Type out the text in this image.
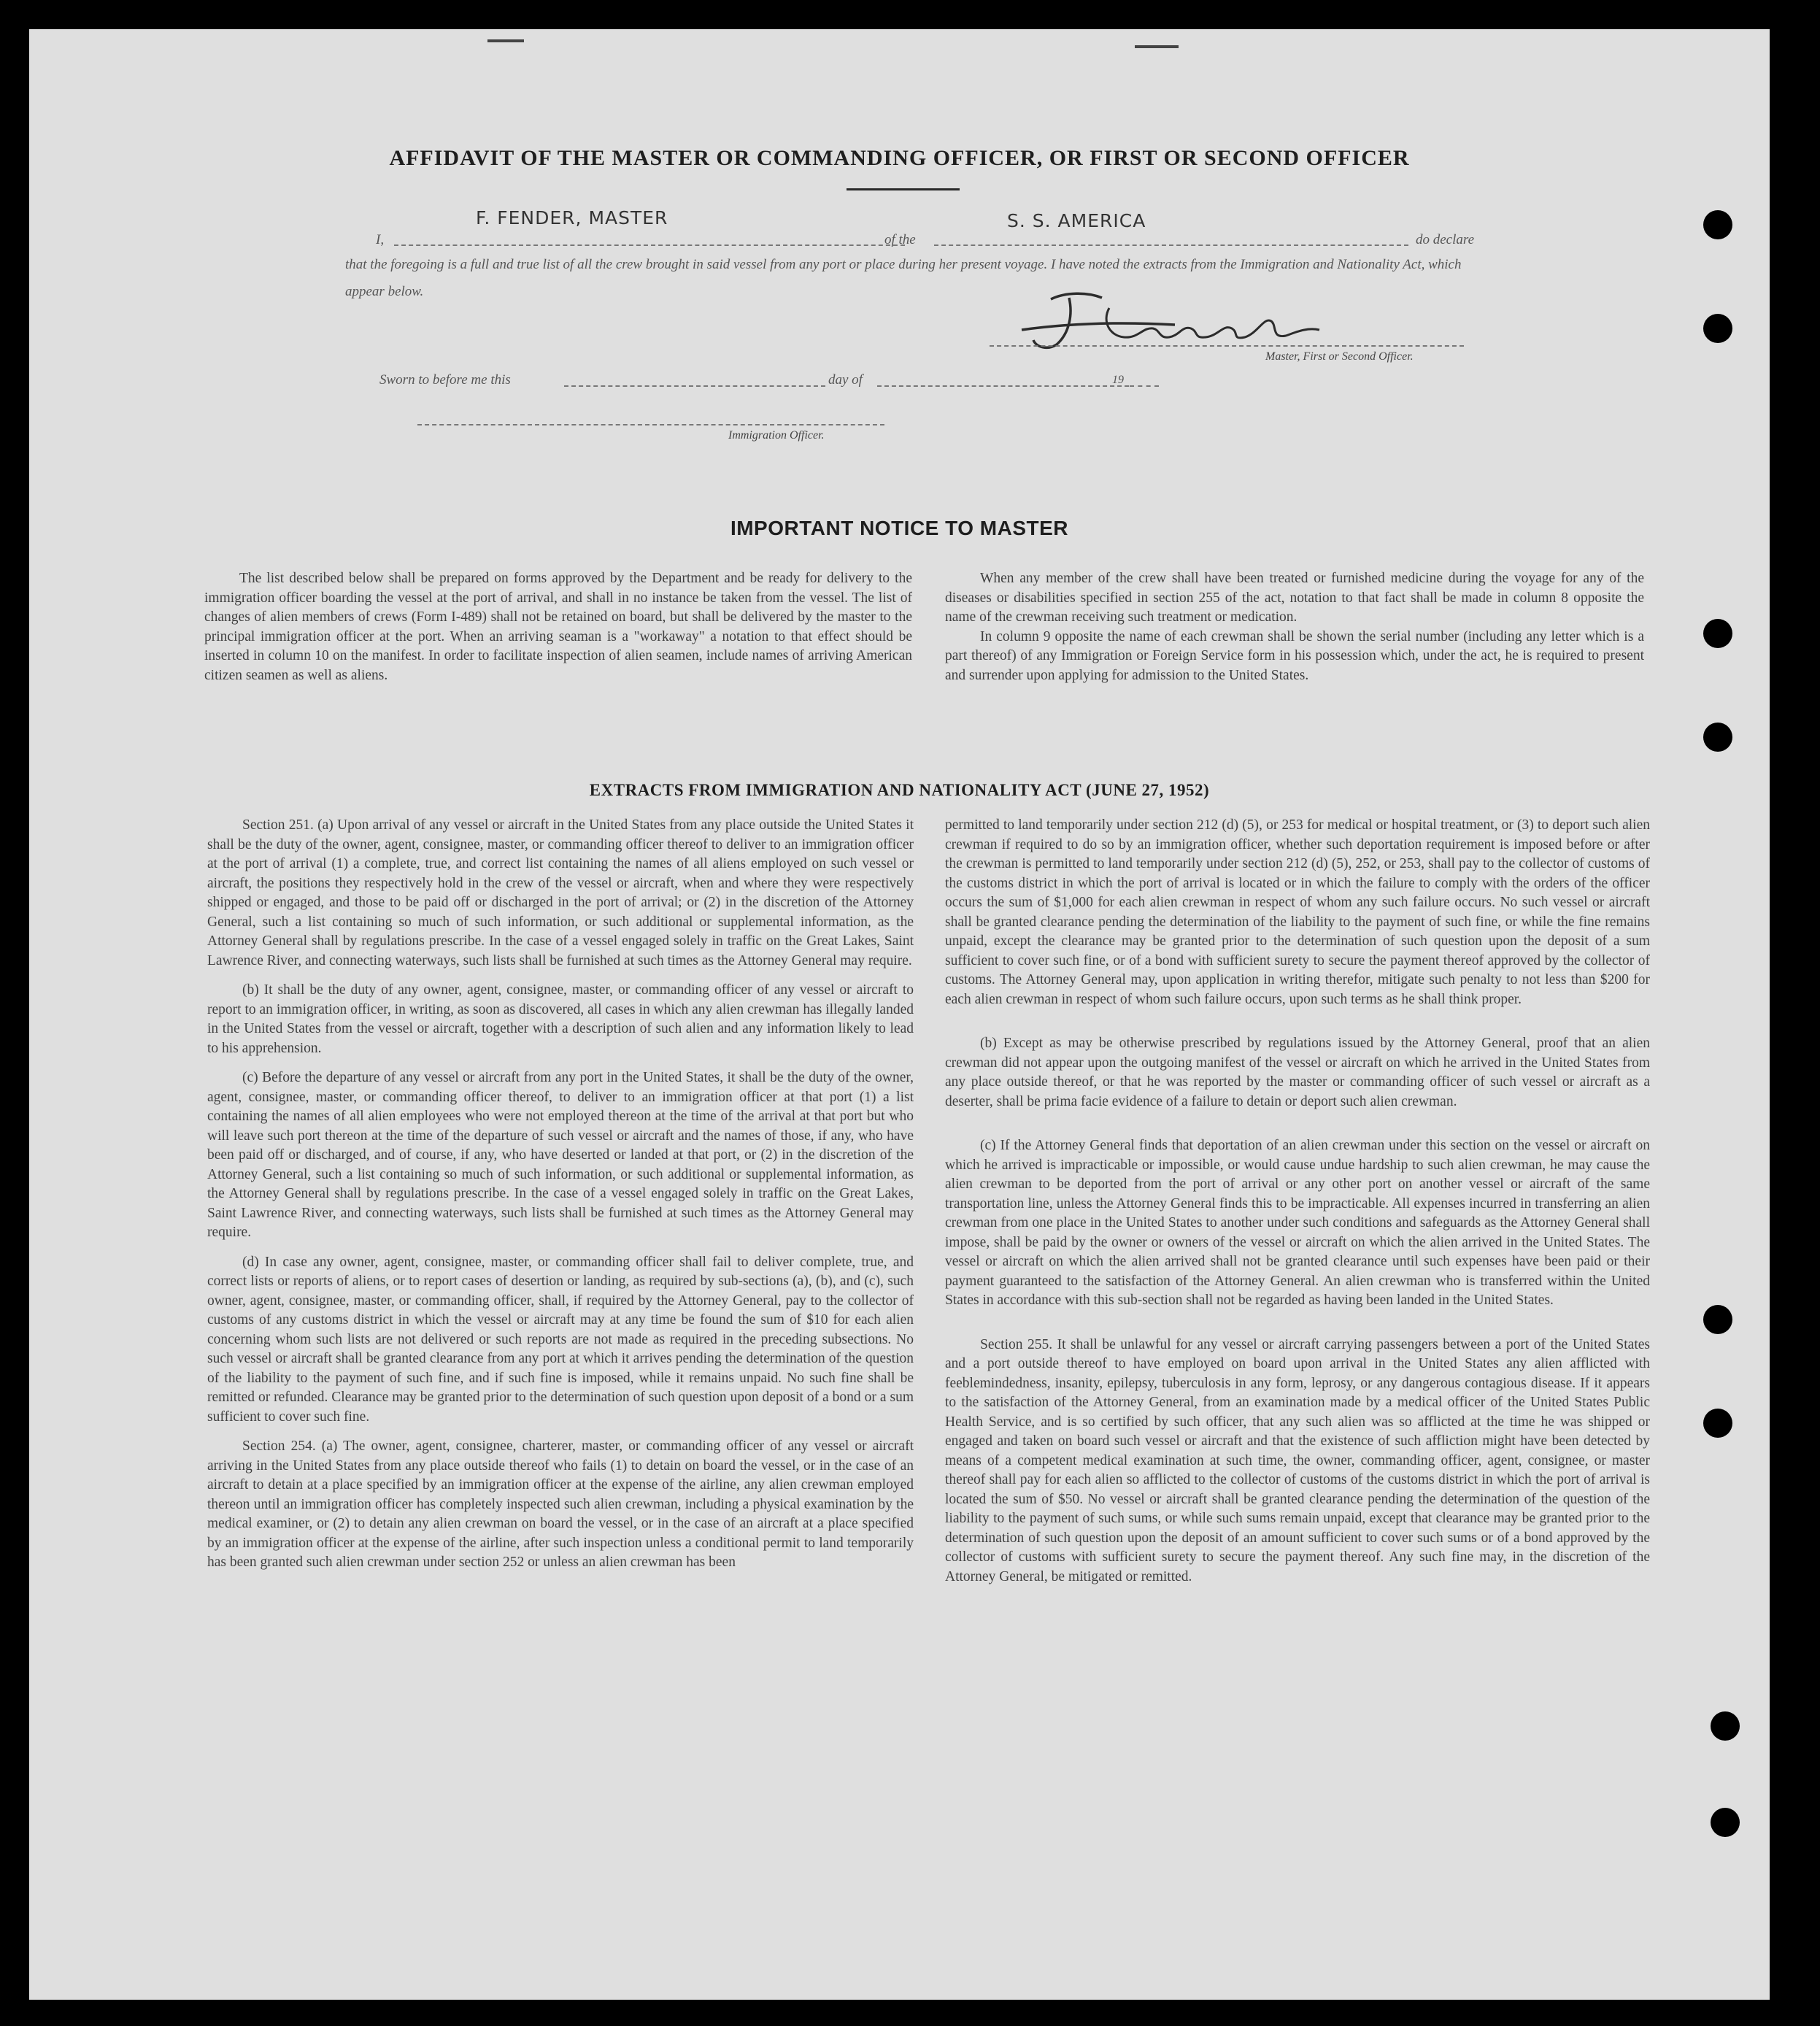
AFFIDAVIT OF THE MASTER OR COMMANDING OFFICER, OR FIRST OR SECOND OFFICER
I,
F. FENDER, MASTER
of the
S. S. AMERICA
do declare
that the foregoing is a full and true list of all the crew brought in said vessel from any port or place during her present voyage. I have noted the extracts from the Immigration and Nationality Act, which appear below.
Master, First or Second Officer.
Sworn to before me this	day of	19
Immigration Officer.
IMPORTANT NOTICE TO MASTER

The list described below shall be prepared on forms approved by the Department and be ready for delivery to the immigration officer boarding the vessel at the port of arrival, and shall in no instance be taken from the vessel. The list of changes of alien members of crews (Form I-489) shall not be retained on board, but shall be delivered by the master to the principal immigration officer at the port. When an arriving seaman is a "workaway" a notation to that effect should be inserted in column 10 on the manifest. In order to facilitate inspection of alien seamen, include names of arriving American citizen seamen as well as aliens.

When any member of the crew shall have been treated or furnished medicine during the voyage for any of the diseases or disabilities specified in section 255 of the act, notation to that fact shall be made in column 8 opposite the name of the crewman receiving such treatment or medication.

In column 9 opposite the name of each crewman shall be shown the serial number (including any letter which is a part thereof) of any Immigration or Foreign Service form in his possession which, under the act, he is required to present and surrender upon applying for admission to the United States.

EXTRACTS FROM IMMIGRATION AND NATIONALITY ACT (JUNE 27, 1952)

Section 251. (a) Upon arrival of any vessel or aircraft in the United States from any place outside the United States it shall be the duty of the owner, agent, consignee, master, or commanding officer thereof to deliver to an immigration officer at the port of arrival (1) a complete, true, and correct list containing the names of all aliens employed on such vessel or aircraft, the positions they respectively hold in the crew of the vessel or aircraft, when and where they were respectively shipped or engaged, and those to be paid off or discharged in the port of arrival; or (2) in the discretion of the Attorney General, such a list containing so much of such information, or such additional or supplemental information, as the Attorney General shall by regulations prescribe. In the case of a vessel engaged solely in traffic on the Great Lakes, Saint Lawrence River, and connecting waterways, such lists shall be furnished at such times as the Attorney General may require.

(b) It shall be the duty of any owner, agent, consignee, master, or commanding officer of any vessel or aircraft to report to an immigration officer, in writing, as soon as discovered, all cases in which any alien crewman has illegally landed in the United States from the vessel or aircraft, together with a description of such alien and any information likely to lead to his apprehension.

(c) Before the departure of any vessel or aircraft from any port in the United States, it shall be the duty of the owner, agent, consignee, master, or commanding officer thereof, to deliver to an immigration officer at that port (1) a list containing the names of all alien employees who were not employed thereon at the time of the arrival at that port but who will leave such port thereon at the time of the departure of such vessel or aircraft and the names of those, if any, who have been paid off or discharged, and of course, if any, who have deserted or landed at that port, or (2) in the discretion of the Attorney General, such a list containing so much of such information, or such additional or supplemental information, as the Attorney General shall by regulations prescribe. In the case of a vessel engaged solely in traffic on the Great Lakes, Saint Lawrence River, and connecting waterways, such lists shall be furnished at such times as the Attorney General may require.

(d) In case any owner, agent, consignee, master, or commanding officer shall fail to deliver complete, true, and correct lists or reports of aliens, or to report cases of desertion or landing, as required by sub-sections (a), (b), and (c), such owner, agent, consignee, master, or commanding officer, shall, if required by the Attorney General, pay to the collector of customs of any customs district in which the vessel or aircraft may at any time be found the sum of $10 for each alien concerning whom such lists are not delivered or such reports are not made as required in the preceding subsections. No such vessel or aircraft shall be granted clearance from any port at which it arrives pending the determination of the question of the liability to the payment of such fine, and if such fine is imposed, while it remains unpaid. No such fine shall be remitted or refunded. Clearance may be granted prior to the determination of such question upon deposit of a bond or a sum sufficient to cover such fine.

Section 254. (a) The owner, agent, consignee, charterer, master, or commanding officer of any vessel or aircraft arriving in the United States from any place outside thereof who fails (1) to detain on board the vessel, or in the case of an aircraft to detain at a place specified by an immigration officer at the expense of the airline, any alien crewman employed thereon until an immigration officer has completely inspected such alien crewman, including a physical examination by the medical examiner, or (2) to detain any alien crewman on board the vessel, or in the case of an aircraft at a place specified by an immigration officer at the expense of the airline, after such inspection unless a conditional permit to land temporarily has been granted such alien crewman under section 252 or unless an alien crewman has been

permitted to land temporarily under section 212 (d) (5), or 253 for medical or hospital treatment, or (3) to deport such alien crewman if required to do so by an immigration officer, whether such deportation requirement is imposed before or after the crewman is permitted to land temporarily under section 212 (d) (5), 252, or 253, shall pay to the collector of customs of the customs district in which the port of arrival is located or in which the failure to comply with the orders of the officer occurs the sum of $1,000 for each alien crewman in respect of whom any such failure occurs. No such vessel or aircraft shall be granted clearance pending the determination of the liability to the payment of such fine, or while the fine remains unpaid, except the clearance may be granted prior to the determination of such question upon the deposit of a sum sufficient to cover such fine, or of a bond with sufficient surety to secure the payment thereof approved by the collector of customs. The Attorney General may, upon application in writing therefor, mitigate such penalty to not less than $200 for each alien crewman in respect of whom such failure occurs, upon such terms as he shall think proper.

(b) Except as may be otherwise prescribed by regulations issued by the Attorney General, proof that an alien crewman did not appear upon the outgoing manifest of the vessel or aircraft on which he arrived in the United States from any place outside thereof, or that he was reported by the master or commanding officer of such vessel or aircraft as a deserter, shall be prima facie evidence of a failure to detain or deport such alien crewman.

(c) If the Attorney General finds that deportation of an alien crewman under this section on the vessel or aircraft on which he arrived is impracticable or impossible, or would cause undue hardship to such alien crewman, he may cause the alien crewman to be deported from the port of arrival or any other port on another vessel or aircraft of the same transportation line, unless the Attorney General finds this to be impracticable. All expenses incurred in transferring an alien crewman from one place in the United States to another under such conditions and safeguards as the Attorney General shall impose, shall be paid by the owner or owners of the vessel or aircraft on which the alien arrived in the United States. The vessel or aircraft on which the alien arrived shall not be granted clearance until such expenses have been paid or their payment guaranteed to the satisfaction of the Attorney General. An alien crewman who is transferred within the United States in accordance with this sub-section shall not be regarded as having been landed in the United States.

Section 255. It shall be unlawful for any vessel or aircraft carrying passengers between a port of the United States and a port outside thereof to have employed on board upon arrival in the United States any alien afflicted with feeblemindedness, insanity, epilepsy, tuberculosis in any form, leprosy, or any dangerous contagious disease. If it appears to the satisfaction of the Attorney General, from an examination made by a medical officer of the United States Public Health Service, and is so certified by such officer, that any such alien was so afflicted at the time he was shipped or engaged and taken on board such vessel or aircraft and that the existence of such affliction might have been detected by means of a competent medical examination at such time, the owner, commanding officer, agent, consignee, or master thereof shall pay for each alien so afflicted to the collector of customs of the customs district in which the port of arrival is located the sum of $50. No vessel or aircraft shall be granted clearance pending the determination of the question of the liability to the payment of such sums, or while such sums remain unpaid, except that clearance may be granted prior to the determination of such question upon the deposit of an amount sufficient to cover such sums or of a bond approved by the collector of customs with sufficient surety to secure the payment thereof. Any such fine may, in the discretion of the Attorney General, be mitigated or remitted.
